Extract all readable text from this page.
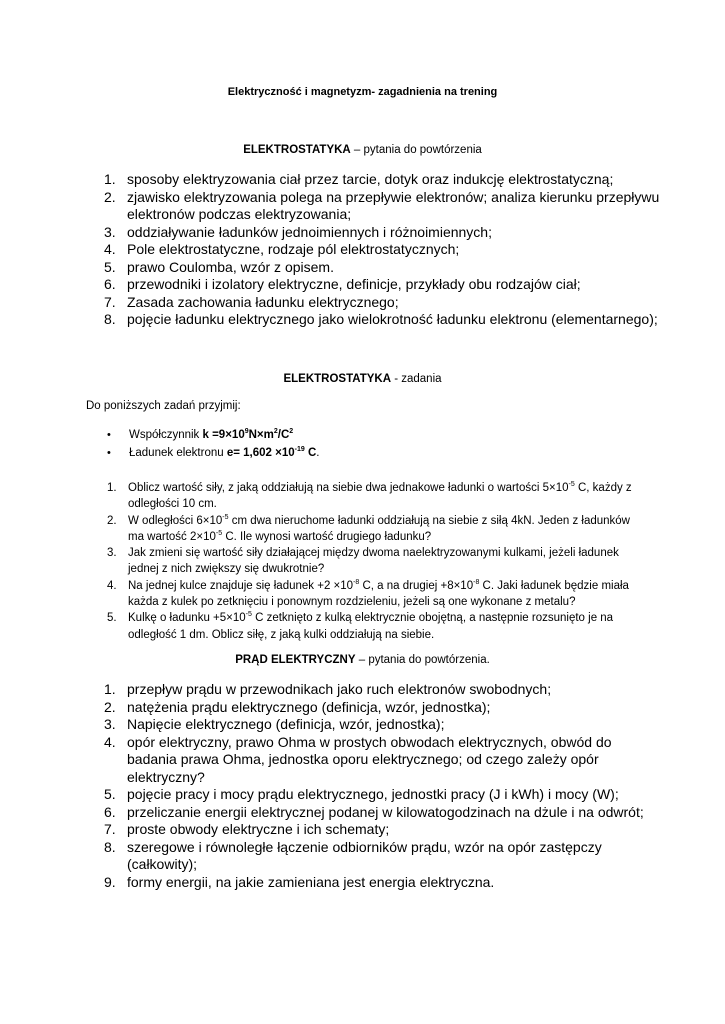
Elektryczność i magnetyzm- zagadnienia na trening
ELEKTROSTATYKA – pytania do powtórzenia
1. sposoby elektryzowania ciał przez tarcie, dotyk oraz indukcję elektrostatyczną;
2. zjawisko elektryzowania polega na przepływie elektronów; analiza kierunku przepływu elektronów podczas elektryzowania;
3. oddziaływanie ładunków jednoimiennych i różnoimiennych;
4. Pole elektrostatyczne, rodzaje pól elektrostatycznych;
5. prawo Coulomba, wzór z opisem.
6. przewodniki i izolatory elektryczne, definicje, przykłady obu rodzajów ciał;
7. Zasada zachowania ładunku elektrycznego;
8. pojęcie ładunku elektrycznego jako wielokrotność ładunku elektronu (elementarnego);
ELEKTROSTATYKA - zadania
Do poniższych zadań przyjmij:
• Współczynnik $k =9\times 10^9N\times m^2/C^2$
• Ładunek elektronu $e= 1,602 \times 10^{-19}$ C.
1. Oblicz wartość siły, z jaką oddziałują na siebie dwa jednakowe ładunki o wartości $5\times 10^{-5}$ C, każdy z odległości 10 cm.
2. W odległości $6\times 10^{-5}$ cm dwa nieruchome ładunki oddziałują na siebie z siłą 4kN. Jeden z ładunków ma wartość $2\times 10^{-5}$ C. Ile wynosi wartość drugiego ładunku?
3. Jak zmieni się wartość siły działającej między dwoma naelektryzowanymi kulkami, jeżeli ładunek jednej z nich zwiększy się dwukrotnie?
4. Na jednej kulce znajduje się ładunek $+2 \times 10^{-8}$ C, a na drugiej $+8\times 10^{-8}$ C. Jaki ładunek będzie miała każda z kulek po zetknięciu i ponownym rozdzieleniu, jeżeli są one wykonane z metalu?
5. Kulkę o ładunku $+5\times 10^{-5}$ C zetknięto z kulką elektrycznie obojętną, a następnie rozsunięto je na odległość 1 dm. Oblicz siłę, z jaką kulki oddziałują na siebie.
PRĄD ELEKTRYCZNY – pytania do powtórzenia.
1. przepływ prądu w przewodnikach jako ruch elektronów swobodnych;
2. natężenia prądu elektrycznego (definicja, wzór, jednostka);
3. Napięcie elektrycznego (definicja, wzór, jednostka);
4. opór elektryczny, prawo Ohma w prostych obwodach elektrycznych, obwód do badania prawa Ohma, jednostka oporu elektrycznego; od czego zależy opór elektryczny?
5. pojęcie pracy i mocy prądu elektrycznego, jednostki pracy (J i kWh) i mocy (W);
6. przeliczanie energii elektrycznej podanej w kilowatogodzinach na dżule i na odwrót;
7. proste obwody elektryczne i ich schematy;
8. szeregowe i równoległe łączenie odbiorników prądu, wzór na opór zastępczy (całkowity);
9. formy energii, na jakie zamieniana jest energia elektryczna.
